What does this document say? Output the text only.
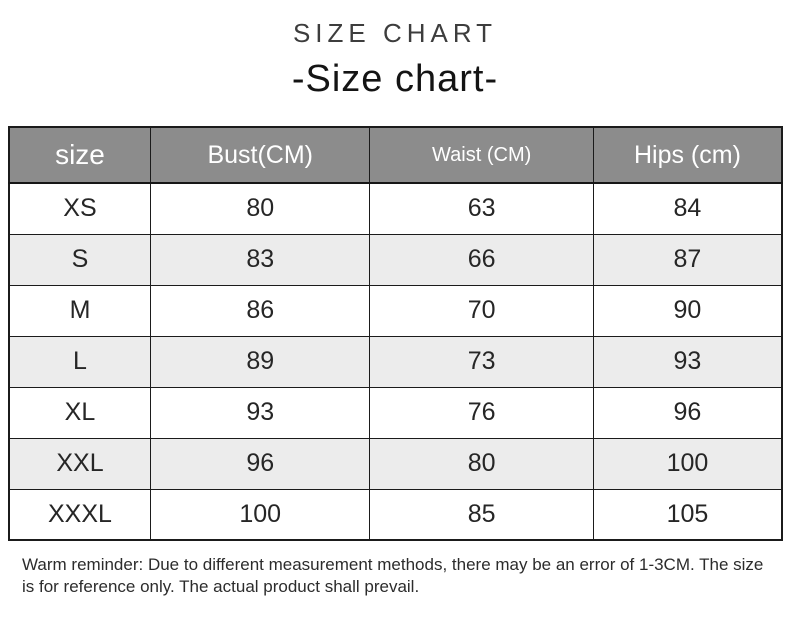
SIZE CHART
-Size chart-
size	Bust(CM)	Waist (CM)	Hips (cm)
XS	80	63	84
S	83	66	87
M	86	70	90
L	89	73	93
XL	93	76	96
XXL	96	80	100
XXXL	100	85	105

Warm reminder: Due to different measurement methods, there may be an error of 1-3CM. The size is for reference only. The actual product shall prevail.
